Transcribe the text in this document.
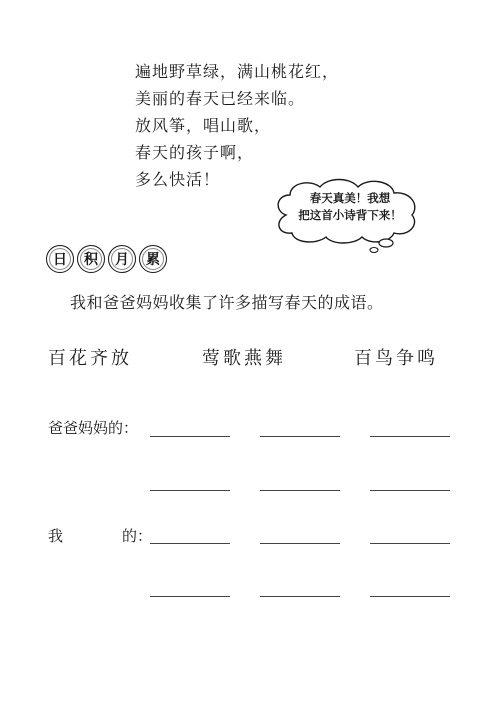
遍地野草绿，满山桃花红，
美丽的春天已经来临。
放风筝，唱山歌，
春天的孩子啊，
多么快活！
春天真美！我想
把这首小诗背下来！
日	积	月	累
我和爸爸妈妈收集了许多描写春天的成语。
百花齐放	莺歌燕舞	百鸟争鸣
爸爸妈妈的：
我	的：
